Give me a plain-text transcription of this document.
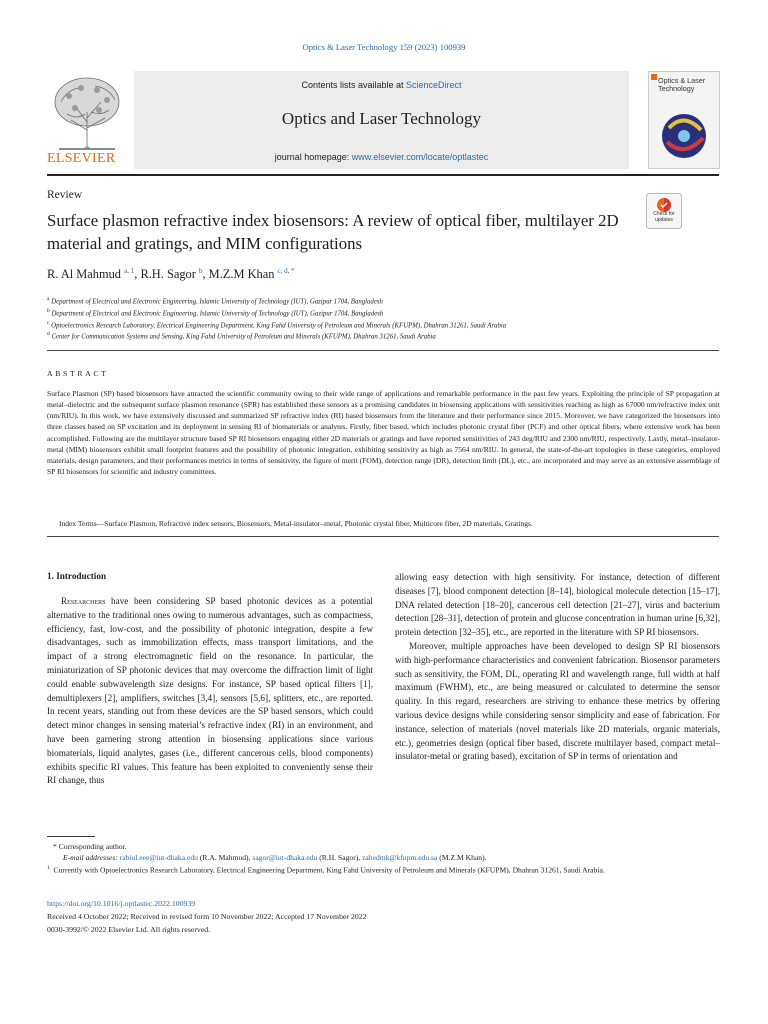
Optics & Laser Technology 159 (2023) 100939
ELSEVIER
Contents lists available at ScienceDirect
Optics and Laser Technology
journal homepage: www.elsevier.com/locate/optlastec
Optics & Laser Technology
Check for updates
Review
Surface plasmon refractive index biosensors: A review of optical fiber, multilayer 2D material and gratings, and MIM configurations
R. Al Mahmud $^{a, 1}$, R.H. Sagor $^b$, M.Z.M Khan $^{c, d, *}$
$^a$ Department of Electrical and Electronic Engineering, Islamic University of Technology (IUT), Gazipur 1704, Bangladesh
$^b$ Department of Electrical and Electronic Engineering, Islamic University of Technology (IUT), Gazipur 1704, Bangladesh
$^c$ Optoelectronics Research Laboratory, Electrical Engineering Department, King Fahd University of Petroleum and Minerals (KFUPM), Dhahran 31261, Saudi Arabia
$^d$ Center for Communication Systems and Sensing, King Fahd University of Petroleum and Minerals (KFUPM), Dhahran 31261, Saudi Arabia
ABSTRACT
Surface Plasmon (SP) based biosensors have attracted the scientific community owing to their wide range of applications and remarkable performance in the past few years. Exploiting the principle of SP propagation at metal–dielectric and the subsequent surface plasmon resonance (SPR) has established these sensors as a promising candidates in biosensing applications with sensitivities reaching as high as 67000 nm/refractive index unit (nm/RIU). In this work, we have extensively discussed and summarized SP refractive index (RI) based biosensors from the literature and their performance since 2015. Moreover, we have categorized the biosensors into three classes based on SP excitation and its deployment in sensing RI of biomaterials or analytes. Firstly, fiber based, which includes photonic crystal fiber (PCF) and other optical fibers, where extensive work has been accomplished. Following are the multilayer structure based SP RI biosensors engaging either 2D materials or gratings and have reported sensitivities of 243 deg/RIU and 2300 nm/RIU, respectively. Lastly, metal–insulator-metal (MIM) biosensors exhibit small footprint features and the possibility of photonic integration, exhibiting sensitivity as high as 7564 nm/RIU. In general, the state-of-the-art topologies in these categories, employed materials, design parameters, and their performances metrics in terms of sensitivity, the figure of merit (FOM), detection range (DR), detection limit (DL), etc., are incorporated and may serve as an extensive assemblage of SP RI biosensors for scientific and industry committees.
Index Terms—Surface Plasmon, Refractive index sensors, Biosensors, Metal-insulator–metal, Photonic crystal fiber, Multicore fiber, 2D materials, Gratings.
1. Introduction

Researchers have been considering SP based photonic devices as a potential alternative to the traditional ones owing to numerous advantages, such as compactness, efficiency, fast, low-cost, and the possibility of photonic integration, despite a few disadvantages, such as immobilization effects, mass transport limitations, and the impact of a strong electromagnetic field on the resonance. In particular, the miniaturization of SP photonic devices that may overcome the diffraction limit of light could enable subwavelength size designs. For instance, SP based optical filters [1], demultiplexers [2], amplifiers, switches [3,4], sensors [5,6], splitters, etc., are reported. In recent years, standing out from these devices are the SP based sensors, which could detect minor changes in sensing material’s refractive index (RI) in an environment, and have been garnering strong attention in biosensing applications since various biomaterials, liquid analytes, gases (i.e., different cancerous cells, blood components) exhibits specific RI values. This feature has been exploited to conveniently sense their RI change, thus

allowing easy detection with high sensitivity. For instance, detection of different diseases [7], blood component detection [8–14], biological molecule detection [15–17], DNA related detection [18–20], cancerous cell detection [21–27], virus and bacterium detection [28–31], detection of protein and glucose concentration in human urine [6,32], protein detection [32–35], etc., are reported in the literature with SP RI biosensors.

Moreover, multiple approaches have been developed to design SP RI biosensors with high-performance characteristics and convenient fabrication. Biosensor parameters such as sensitivity, the FOM, DL, operating RI and wavelength range, full width at half maximum (FWHM), etc., are being measured or calculated to determine the sensor quality. In this regard, researchers are striving to enhance these metrics by offering various device designs while considering sensor simplicity and ease of fabrication. For instance, selection of materials (novel materials like 2D materials, organic materials, etc.), geometries design (optical fiber based, discrete multilayer based, compact metal–insulator-metal or grating based), excitation of SP in terms of orientation and

* Corresponding author.
E-mail addresses: rabiul.eee@iut-dhaka.edu (R.A. Mahmud), sagor@iut-dhaka.edu (R.H. Sagor), zahedmk@kfupm.edu.sa (M.Z.M Khan).
$^1$ Currently with Optoelectronics Research Laboratory, Electrical Engineering Department, King Fahd University of Petroleum and Minerals (KFUPM), Dhahran 31261, Saudi Arabia.
https://doi.org/10.1016/j.optlastec.2022.100939
Received 4 October 2022; Received in revised form 10 November 2022; Accepted 17 November 2022
0030-3992/© 2022 Elsevier Ltd. All rights reserved.
